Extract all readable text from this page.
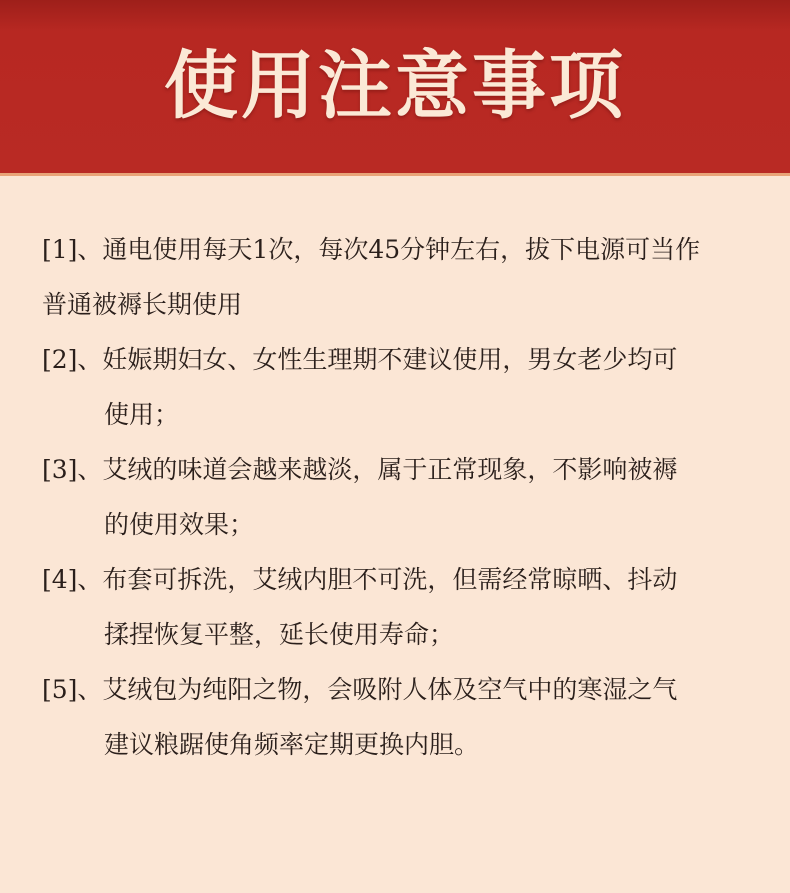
使用注意事项
[1]、通电使用每天1次，每次45分钟左右，拔下电源可当作
普通被褥长期使用
[2]、妊娠期妇女、女性生理期不建议使用，男女老少均可
使用；
[3]、艾绒的味道会越来越淡，属于正常现象，不影响被褥
的使用效果；
[4]、布套可拆洗，艾绒内胆不可洗，但需经常晾晒、抖动
揉捏恢复平整，延长使用寿命；
[5]、艾绒包为纯阳之物，会吸附人体及空气中的寒湿之气
建议粮踞使角频率定期更换内胆。
